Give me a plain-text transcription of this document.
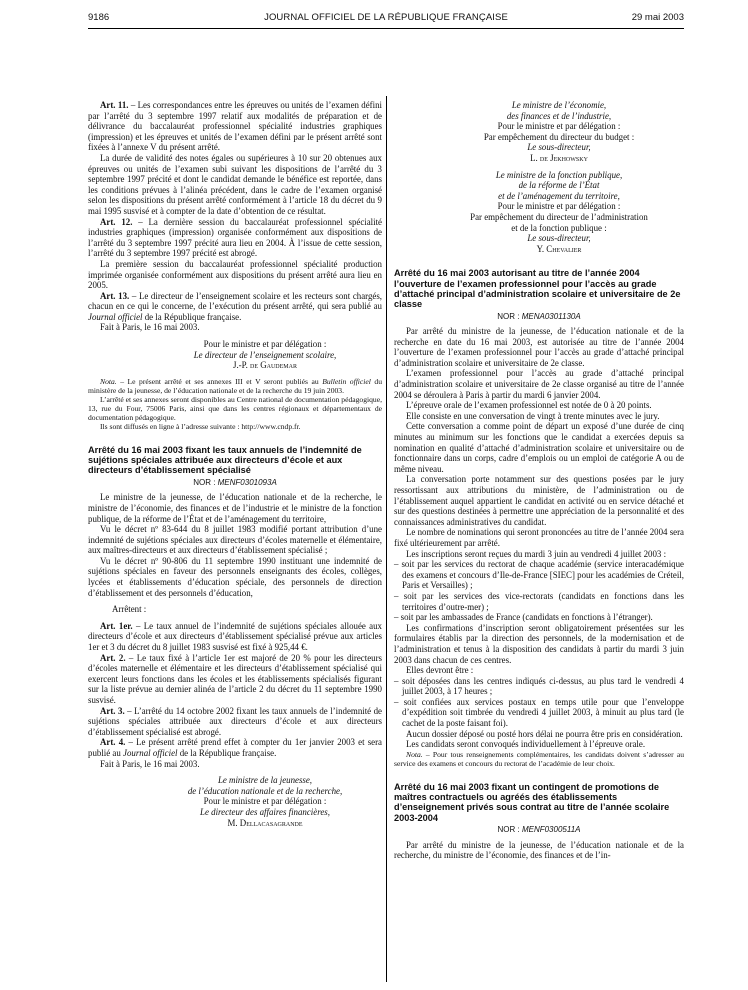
9186	JOURNAL OFFICIEL DE LA RÉPUBLIQUE FRANÇAISE	29 mai 2003

Art. 11. – Les correspondances entre les épreuves ou unités de l’examen défini par l’arrêté du 3 septembre 1997 relatif aux modalités de préparation et de délivrance du baccalauréat professionnel spécialité industries graphiques (impression) et les épreuves et unités de l’examen défini par le présent arrêté sont fixées à l’annexe V du présent arrêté.

La durée de validité des notes égales ou supérieures à 10 sur 20 obtenues aux épreuves ou unités de l’examen subi suivant les dispositions de l’arrêté du 3 septembre 1997 précité et dont le candidat demande le bénéfice est reportée, dans les conditions prévues à l’alinéa précédent, dans le cadre de l’examen organisé selon les dispositions du présent arrêté conformément à l’article 18 du décret du 9 mai 1995 susvisé et à compter de la date d’obtention de ce résultat.

Art. 12. – La dernière session du baccalauréat professionnel spécialité industries graphiques (impression) organisée conformément aux dispositions de l’arrêté du 3 septembre 1997 précité aura lieu en 2004. À l’issue de cette session, l’arrêté du 3 septembre 1997 précité est abrogé.

La première session du baccalauréat professionnel spécialité production imprimée organisée conformément aux dispositions du présent arrêté aura lieu en 2005.

Art. 13. – Le directeur de l’enseignement scolaire et les recteurs sont chargés, chacun en ce qui le concerne, de l’exécution du présent arrêté, qui sera publié au Journal officiel de la République française.

Fait à Paris, le 16 mai 2003.

Pour le ministre et par délégation :

Le directeur de l’enseignement scolaire,

J.-P. de Gaudemar

Nota. – Le présent arrêté et ses annexes III et V seront publiés au Bulletin officiel du ministère de la jeunesse, de l’éducation nationale et de la recherche du 19 juin 2003.

L’arrêté et ses annexes seront disponibles au Centre national de documentation pédagogique, 13, rue du Four, 75006 Paris, ainsi que dans les centres régionaux et départementaux de documentation pédagogique.

Ils sont diffusés en ligne à l’adresse suivante : http://www.cndp.fr.

Arrêté du 16 mai 2003 fixant les taux annuels de l’indemnité de sujétions spéciales attribuée aux directeurs d’école et aux directeurs d’établissement spécialisé

NOR : MENF0301093A

Le ministre de la jeunesse, de l’éducation nationale et de la recherche, le ministre de l’économie, des finances et de l’industrie et le ministre de la fonction publique, de la réforme de l’État et de l’aménagement du territoire,

Vu le décret nº 83-644 du 8 juillet 1983 modifié portant attribution d’une indemnité de sujétions spéciales aux directeurs d’écoles maternelle et élémentaire, aux maîtres-directeurs et aux directeurs d’établissement spécialisé ;

Vu le décret nº 90-806 du 11 septembre 1990 instituant une indemnité de sujétions spéciales en faveur des personnels enseignants des écoles, collèges, lycées et établissements d’éducation spéciale, des personnels de direction d’établissement et des personnels d’éducation,

Arrêtent :

Art. 1er. – Le taux annuel de l’indemnité de sujétions spéciales allouée aux directeurs d’école et aux directeurs d’établissement spécialisé prévue aux articles 1er et 3 du décret du 8 juillet 1983 susvisé est fixé à 925,44 €.

Art. 2. – Le taux fixé à l’article 1er est majoré de 20 % pour les directeurs d’écoles maternelle et élémentaire et les directeurs d’établissement spécialisé qui exercent leurs fonctions dans les écoles et les établissements spécialisés figurant sur la liste prévue au dernier alinéa de l’article 2 du décret du 11 septembre 1990 susvisé.

Art. 3. – L’arrêté du 14 octobre 2002 fixant les taux annuels de l’indemnité de sujétions spéciales attribuée aux directeurs d’école et aux directeurs d’établissement spécialisé est abrogé.

Art. 4. – Le présent arrêté prend effet à compter du 1er janvier 2003 et sera publié au Journal officiel de la République française.

Fait à Paris, le 16 mai 2003.

Le ministre de la jeunesse,

de l’éducation nationale et de la recherche,

Pour le ministre et par délégation :

Le directeur des affaires financières,

M. Dellacasagrande

Le ministre de l’économie,

des finances et de l’industrie,

Pour le ministre et par délégation :

Par empêchement du directeur du budget :

Le sous-directeur,

L. de Jekhowsky

Le ministre de la fonction publique,

de la réforme de l’État

et de l’aménagement du territoire,

Pour le ministre et par délégation :

Par empêchement du directeur de l’administration

et de la fonction publique :

Le sous-directeur,

Y. Chevalier

Arrêté du 16 mai 2003 autorisant au titre de l’année 2004 l’ouverture de l’examen professionnel pour l’accès au grade d’attaché principal d’administration scolaire et universitaire de 2e classe

NOR : MENA0301130A

Par arrêté du ministre de la jeunesse, de l’éducation nationale et de la recherche en date du 16 mai 2003, est autorisée au titre de l’année 2004 l’ouverture de l’examen professionnel pour l’accès au grade d’attaché principal d’administration scolaire et universitaire de 2e classe.

L’examen professionnel pour l’accès au grade d’attaché principal d’administration scolaire et universitaire de 2e classe organisé au titre de l’année 2004 se déroulera à Paris à partir du mardi 6 janvier 2004.

L’épreuve orale de l’examen professionnel est notée de 0 à 20 points.

Elle consiste en une conversation de vingt à trente minutes avec le jury.

Cette conversation a comme point de départ un exposé d’une durée de cinq minutes au minimum sur les fonctions que le candidat a exercées depuis sa nomination en qualité d’attaché d’administration scolaire et universitaire ou de fonctionnaire dans un corps, cadre d’emplois ou un emploi de catégorie A ou de même niveau.

La conversation porte notamment sur des questions posées par le jury ressortissant aux attributions du ministère, de l’administration ou de l’établissement auquel appartient le candidat en activité ou en service détaché et sur des questions destinées à permettre une appréciation de la personnalité et des connaissances administratives du candidat.

Le nombre de nominations qui seront prononcées au titre de l’année 2004 sera fixé ultérieurement par arrêté.

Les inscriptions seront reçues du mardi 3 juin au vendredi 4 juillet 2003 :

– soit par les services du rectorat de chaque académie (service interacadémique des examens et concours d’Ile-de-France [SIEC] pour les académies de Créteil, Paris et Versailles) ;

– soit par les services des vice-rectorats (candidats en fonctions dans les territoires d’outre-mer) ;

– soit par les ambassades de France (candidats en fonctions à l’étranger).

Les confirmations d’inscription seront obligatoirement présentées sur les formulaires établis par la direction des personnels, de la modernisation et de l’administration et tenus à la disposition des candidats à partir du mardi 3 juin 2003 dans chacun de ces centres.

Elles devront être :

– soit déposées dans les centres indiqués ci-dessus, au plus tard le vendredi 4 juillet 2003, à 17 heures ;

– soit confiées aux services postaux en temps utile pour que l’enveloppe d’expédition soit timbrée du vendredi 4 juillet 2003, à minuit au plus tard (le cachet de la poste faisant foi).

Aucun dossier déposé ou posté hors délai ne pourra être pris en considération.

Les candidats seront convoqués individuellement à l’épreuve orale.

Nota. – Pour tous renseignements complémentaires, les candidats doivent s’adresser au service des examens et concours du rectorat de l’académie de leur choix.

Arrêté du 16 mai 2003 fixant un contingent de promotions de maîtres contractuels ou agréés des établissements d’enseignement privés sous contrat au titre de l’année scolaire 2003-2004

NOR : MENF0300511A

Par arrêté du ministre de la jeunesse, de l’éducation nationale et de la recherche, du ministre de l’économie, des finances et de l’in-
